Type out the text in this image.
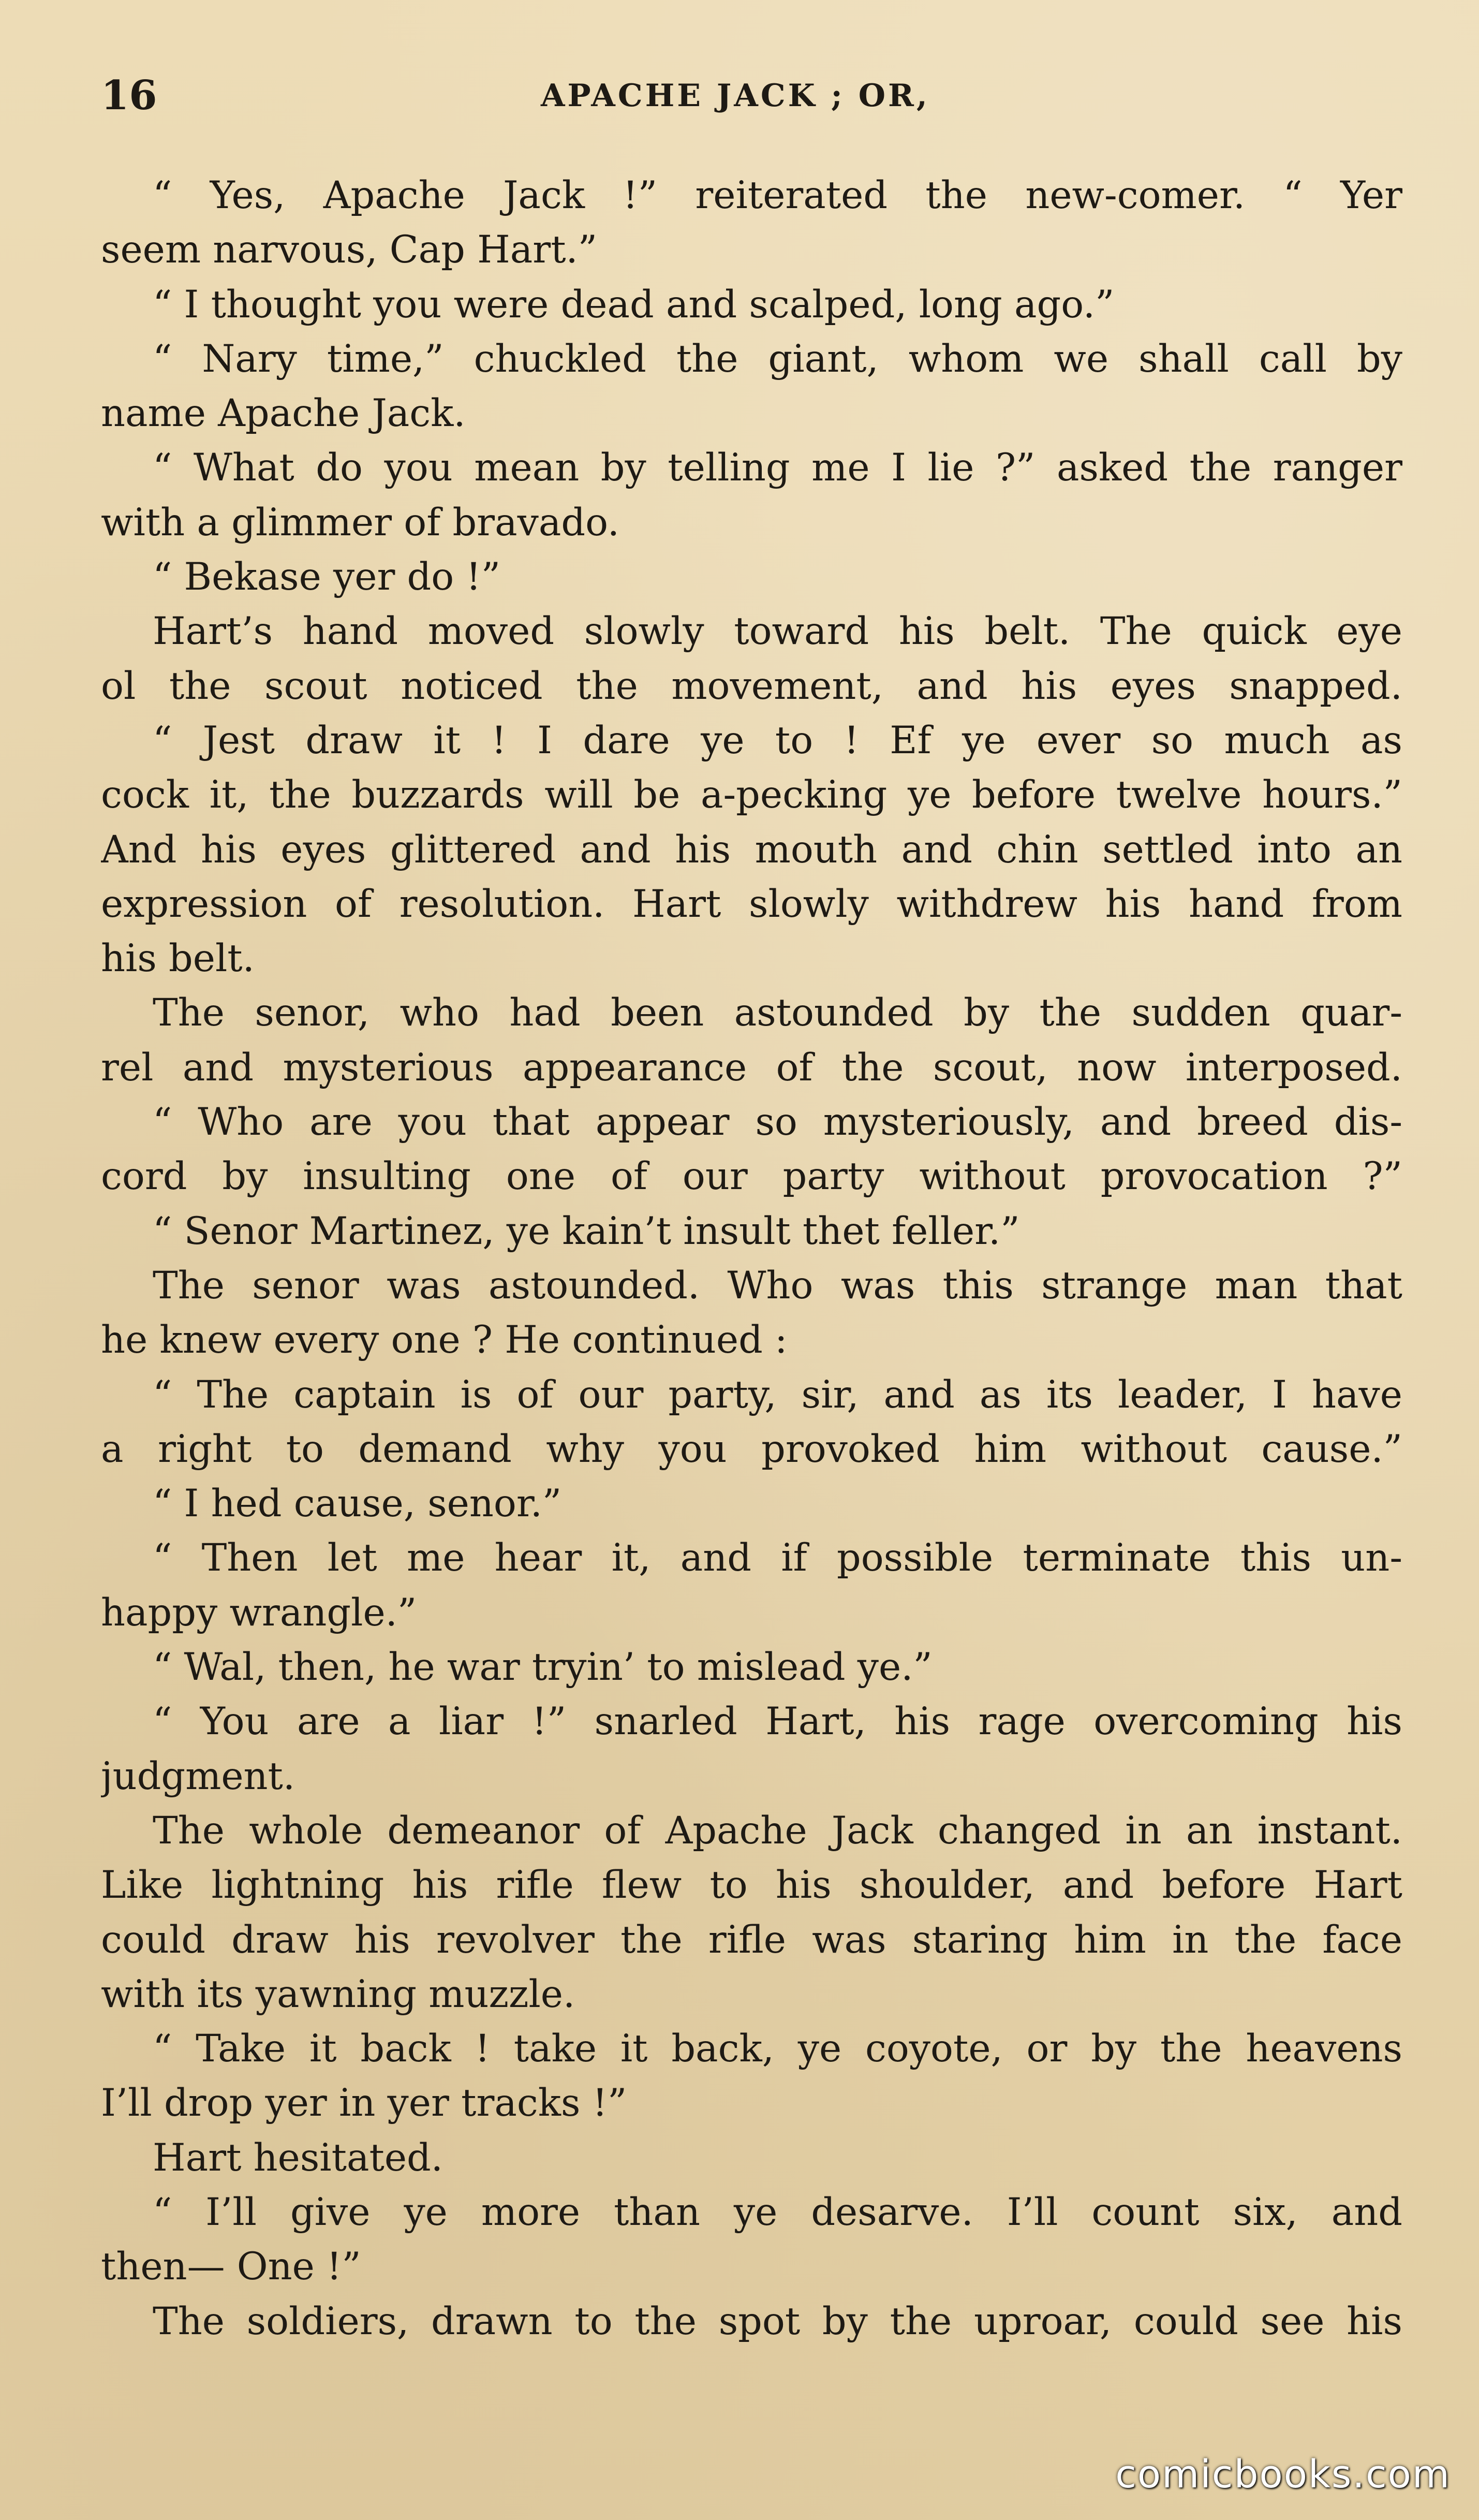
16	APACHE JACK ; OR,
“ Yes, Apache Jack !” reiterated the new-comer. “ Yer
seem narvous, Cap Hart.”
“ I thought you were dead and scalped, long ago.”
“ Nary time,” chuckled the giant, whom we shall call by
name Apache Jack.
“ What do you mean by telling me I lie ?” asked the ranger
with a glimmer of bravado.
“ Bekase yer do !”
Hart’s hand moved slowly toward his belt. The quick eye
ol the scout noticed the movement, and his eyes snapped.
“ Jest draw it ! I dare ye to ! Ef ye ever so much as
cock it, the buzzards will be a-pecking ye before twelve hours.”
And his eyes glittered and his mouth and chin settled into an
expression of resolution. Hart slowly withdrew his hand from
his belt.
The senor, who had been astounded by the sudden quar-
rel and mysterious appearance of the scout, now interposed.
“ Who are you that appear so mysteriously, and breed dis-
cord by insulting one of our party without provocation ?”
“ Senor Martinez, ye kain’t insult thet feller.”
The senor was astounded. Who was this strange man that
he knew every one ? He continued :
“ The captain is of our party, sir, and as its leader, I have
a right to demand why you provoked him without cause.”
“ I hed cause, senor.”
“ Then let me hear it, and if possible terminate this un-
happy wrangle.”
“ Wal, then, he war tryin’ to mislead ye.”
“ You are a liar !” snarled Hart, his rage overcoming his
judgment.
The whole demeanor of Apache Jack changed in an instant.
Like lightning his rifle flew to his shoulder, and before Hart
could draw his revolver the rifle was staring him in the face
with its yawning muzzle.
“ Take it back ! take it back, ye coyote, or by the heavens
I’ll drop yer in yer tracks !”
Hart hesitated.
“ I’ll give ye more than ye desarve. I’ll count six, and
then— One !”
The soldiers, drawn to the spot by the uproar, could see his
comicbooks.com
